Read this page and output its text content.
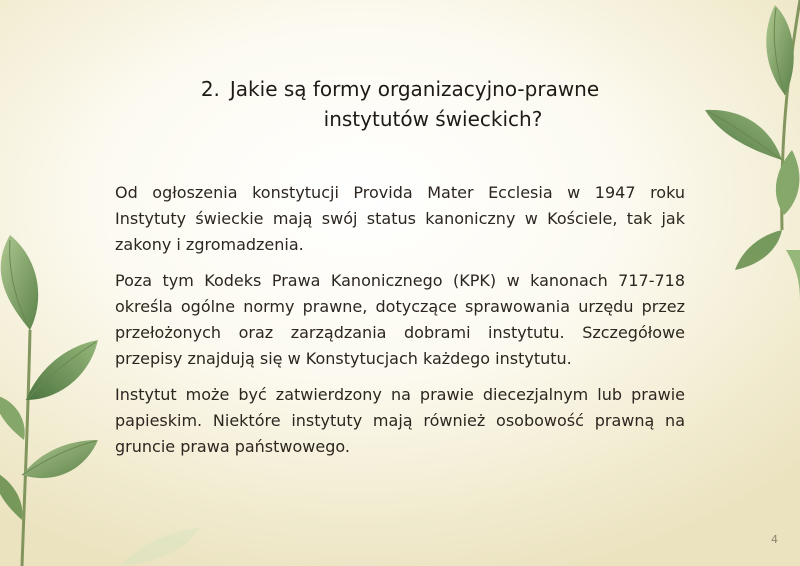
2. Jakie są formy organizacyjno-prawne
instytutów świeckich?

Od ogłoszenia konstytucji Provida Mater Ecclesia w 1947 roku Instytuty świeckie mają swój status kanoniczny w Kościele, tak jak zakony i zgromadzenia.

Poza tym Kodeks Prawa Kanonicznego (KPK) w kanonach 717-718 określa ogólne normy prawne, dotyczące sprawowania urzędu przez przełożonych oraz zarządzania dobrami instytutu. Szczegółowe przepisy znajdują się w Konstytucjach każdego instytutu.

Instytut może być zatwierdzony na prawie diecezjalnym lub prawie papieskim. Niektóre instytuty mają również osobowość prawną na gruncie prawa państwowego.

4
